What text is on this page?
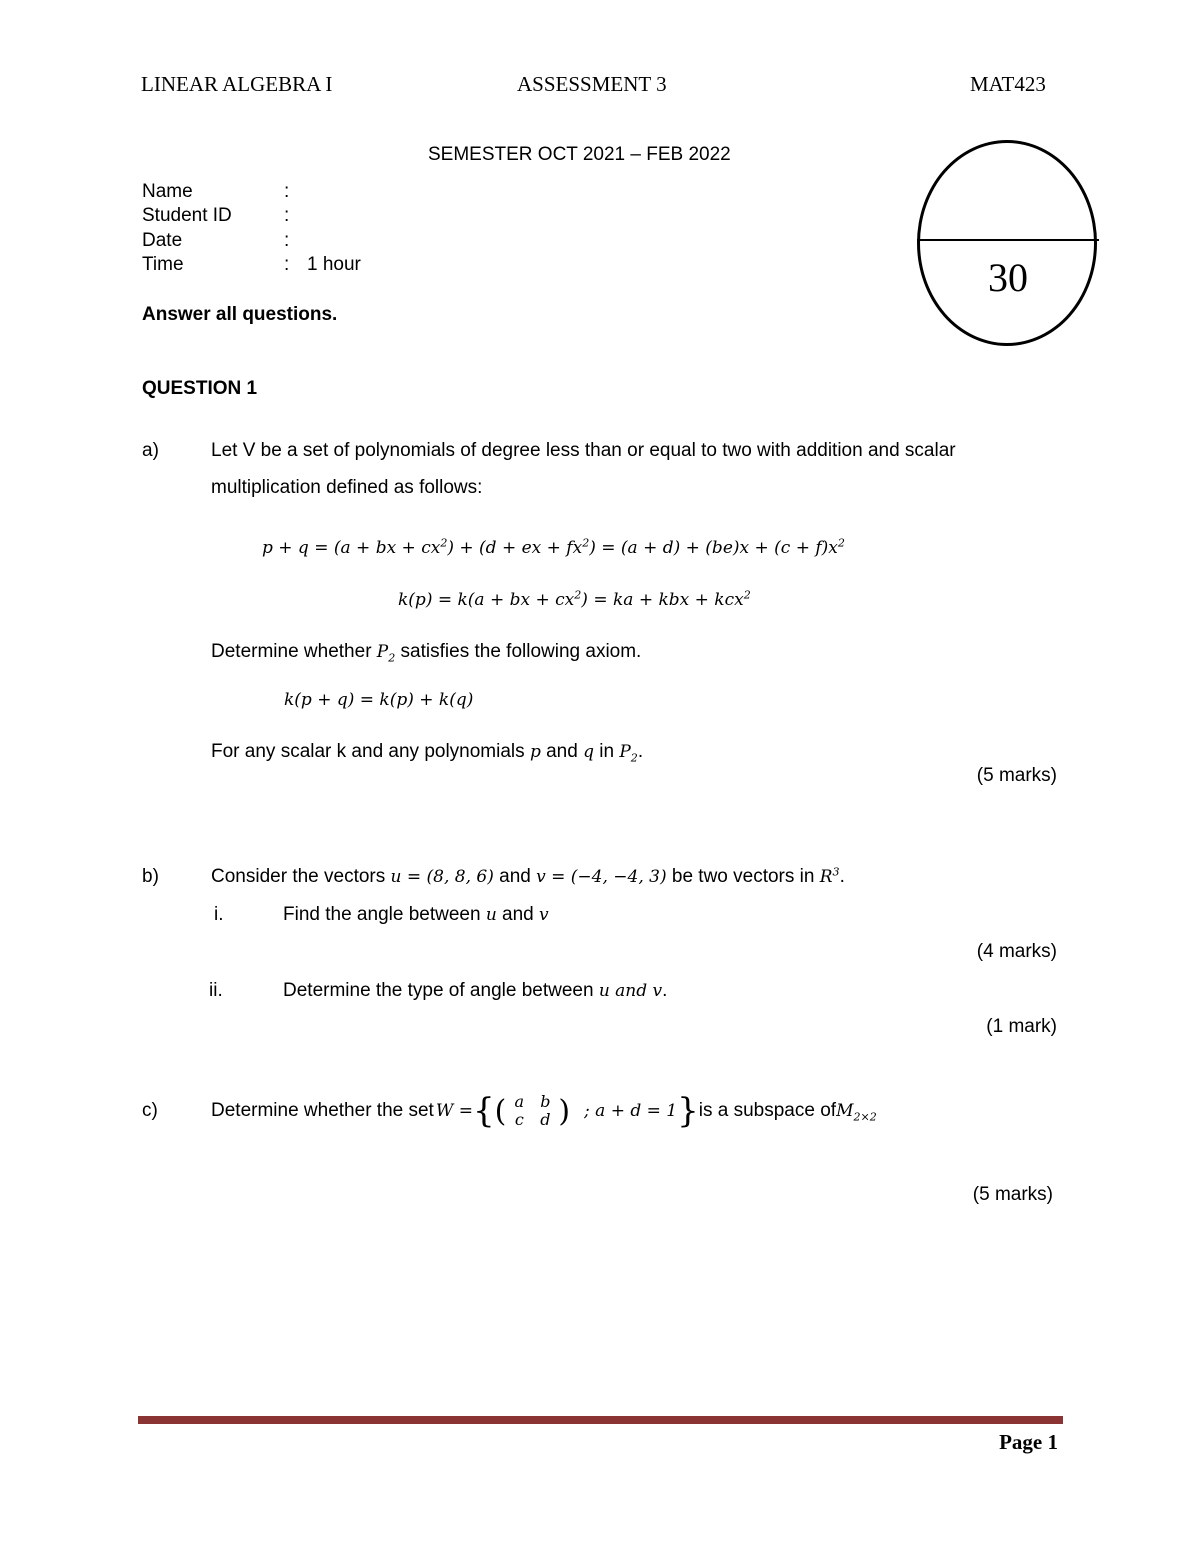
LINEAR ALGEBRA I	ASSESSMENT 3	MAT423
SEMESTER OCT 2021 – FEB 2022
30
Name	:
Student ID	:
Date	:
Time	: 1 hour
Answer all questions.
QUESTION 1
a)	Let V be a set of polynomials of degree less than or equal to two with addition and scalar
multiplication defined as follows:
p + q = (a + bx + $cx^2) + (d$ + ex + $fx^2) = (a + d) + (be)x + (c + f)x^2$
k(p) = k(a + bx + $cx^2$) = ka + kbx + kcx$^2$
Determine whether $P_2$ satisfies the following axiom.
k(p + q) = k(p) + k(q)
For any scalar k and any polynomials p and q in $P_2$.
(5 marks)
b)	Consider the vectors u = (8, 8, 6) and v = (−4, −4, 3) be two vectors in $R^3$.
i.	Find the angle between u and v
(4 marks)
ii.	Determine the type of angle between u and v.
(1 mark)
c)	Determine whether the set W = { ( a b
c d ) ; a + d = 1 } is a subspace of $M_{2\times 2}$
(5 marks)
Page 1
